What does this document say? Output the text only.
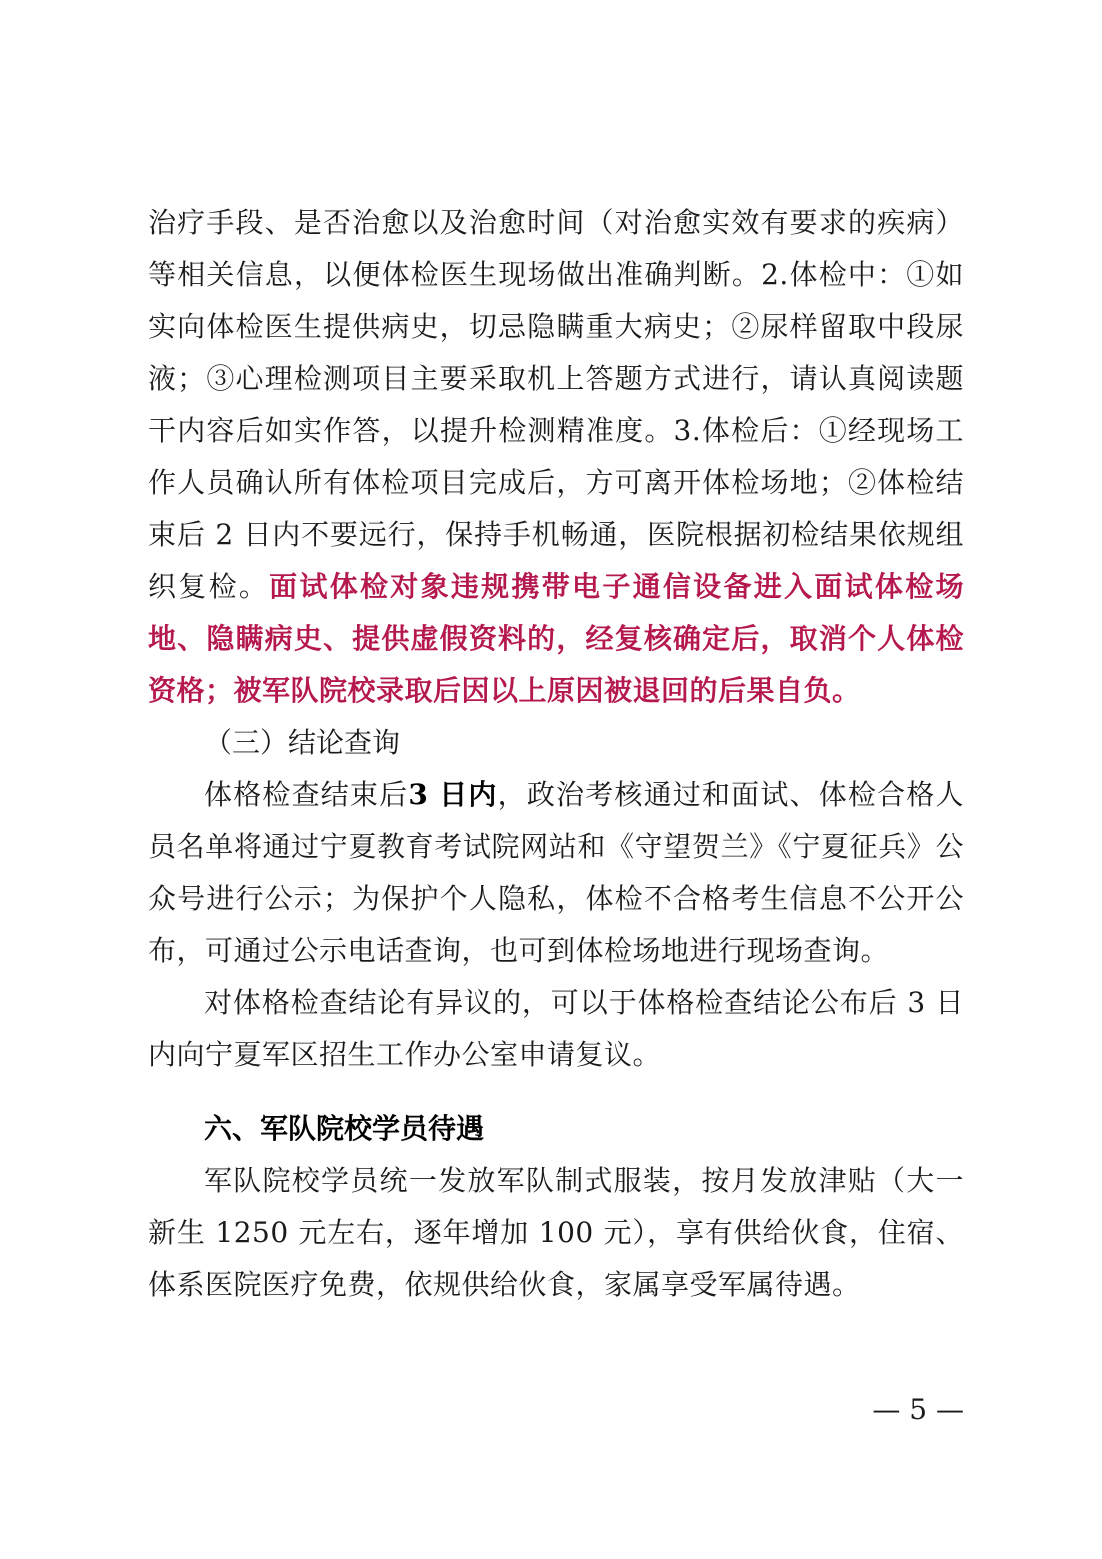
治疗手段、是否治愈以及治愈时间（对治愈实效有要求的疾病）等相关信息，以便体检医生现场做出准确判断。2.体检中：①如实向体检医生提供病史，切忌隐瞒重大病史；②尿样留取中段尿液；③心理检测项目主要采取机上答题方式进行，请认真阅读题干内容后如实作答，以提升检测精准度。3.体检后：①经现场工作人员确认所有体检项目完成后，方可离开体检场地；②体检结束后 2 日内不要远行，保持手机畅通，医院根据初检结果依规组织复检。面试体检对象违规携带电子通信设备进入面试体检场地、隐瞒病史、提供虚假资料的，经复核确定后，取消个人体检资格；被军队院校录取后因以上原因被退回的后果自负。

（三）结论查询

体格检查结束后3 日内，政治考核通过和面试、体检合格人员名单将通过宁夏教育考试院网站和《守望贺兰》《宁夏征兵》公众号进行公示；为保护个人隐私，体检不合格考生信息不公开公布，可通过公示电话查询，也可到体检场地进行现场查询。

对体格检查结论有异议的，可以于体格检查结论公布后 3 日内向宁夏军区招生工作办公室申请复议。

六、军队院校学员待遇

军队院校学员统一发放军队制式服装，按月发放津贴（大一新生 1250 元左右，逐年增加 100 元），享有供给伙食，住宿、体系医院医疗免费，依规供给伙食，家属享受军属待遇。

— 5 —
